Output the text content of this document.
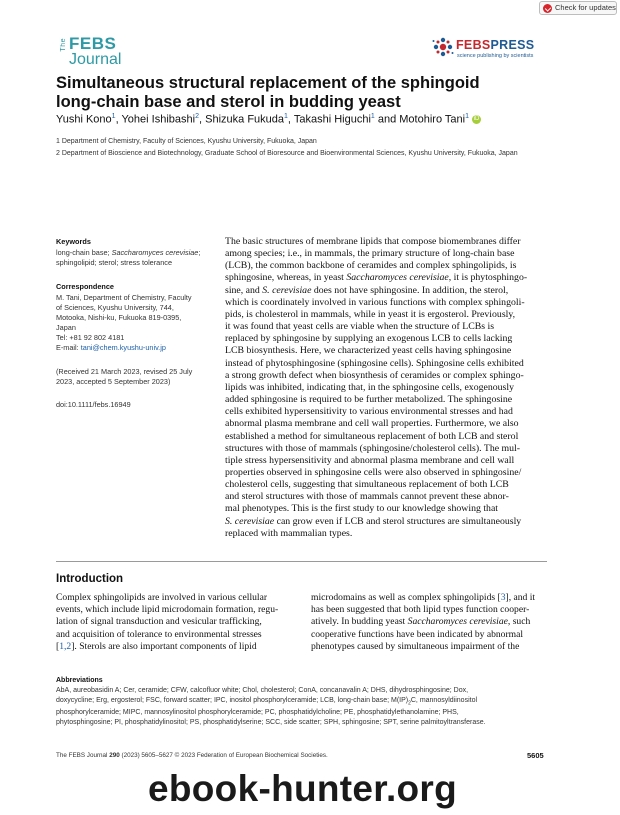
Check for updates
The FEBS
Journal
FEBSPRESS
science publishing by scientists
Simultaneous structural replacement of the sphingoid
long-chain base and sterol in budding yeast
Yushi Kono$^1$, Yohei Ishibashi$^2$, Shizuka Fukuda$^1$, Takashi Higuchi$^1$ and Motohiro Tani$^1$ iD
1 Department of Chemistry, Faculty of Sciences, Kyushu University, Fukuoka, Japan
2 Department of Bioscience and Biotechnology, Graduate School of Bioresource and Bioenvironmental Sciences, Kyushu University, Fukuoka, Japan
Keywords
long-chain base; Saccharomyces cerevisiae; sphingolipid; sterol; stress tolerance
Correspondence
M. Tani, Department of Chemistry, Faculty
of Sciences, Kyushu University, 744,
Motooka, Nishi-ku, Fukuoka 819-0395,
Japan
Tel: +81 92 802 4181
E-mail: tani@chem.kyushu-univ.jp
(Received 21 March 2023, revised 25 July
2023, accepted 5 September 2023)
doi:10.1111/febs.16949
The basic structures of membrane lipids that compose biomembranes differ
among species; i.e., in mammals, the primary structure of long-chain base
(LCB), the common backbone of ceramides and complex sphingolipids, is
sphingosine, whereas, in yeast Saccharomyces cerevisiae, it is phytosphingo-
sine, and S. cerevisiae does not have sphingosine. In addition, the sterol,
which is coordinately involved in various functions with complex sphingoli-
pids, is cholesterol in mammals, while in yeast it is ergosterol. Previously,
it was found that yeast cells are viable when the structure of LCBs is
replaced by sphingosine by supplying an exogenous LCB to cells lacking
LCB biosynthesis. Here, we characterized yeast cells having sphingosine
instead of phytosphingosine (sphingosine cells). Sphingosine cells exhibited
a strong growth defect when biosynthesis of ceramides or complex sphingo-
lipids was inhibited, indicating that, in the sphingosine cells, exogenously
added sphingosine is required to be further metabolized. The sphingosine
cells exhibited hypersensitivity to various environmental stresses and had
abnormal plasma membrane and cell wall properties. Furthermore, we also
established a method for simultaneous replacement of both LCB and sterol
structures with those of mammals (sphingosine/cholesterol cells). The mul-
tiple stress hypersensitivity and abnormal plasma membrane and cell wall
properties observed in sphingosine cells were also observed in sphingosine/
cholesterol cells, suggesting that simultaneous replacement of both LCB
and sterol structures with those of mammals cannot prevent these abnor-
mal phenotypes. This is the first study to our knowledge showing that
S. cerevisiae can grow even if LCB and sterol structures are simultaneously
replaced with mammalian types.
Introduction
Complex sphingolipids are involved in various cellular
events, which include lipid microdomain formation, regu-
lation of signal transduction and vesicular trafficking,
and acquisition of tolerance to environmental stresses
[1,2]. Sterols are also important components of lipid
microdomains as well as complex sphingolipids [3], and it
has been suggested that both lipid types function cooper-
atively. In budding yeast Saccharomyces cerevisiae, such
cooperative functions have been indicated by abnormal
phenotypes caused by simultaneous impairment of the
Abbreviations
AbA, aureobasidin A; Cer, ceramide; CFW, calcofluor white; Chol, cholesterol; ConA, concanavalin A; DHS, dihydrosphingosine; Dox,
doxycycline; Erg, ergosterol; FSC, forward scatter; IPC, inositol phosphorylceramide; LCB, long-chain base; $M(IP)_2C$, mannosyldiinositol
phosphorylceramide; MIPC, mannosylinositol phosphorylceramide; PC, phosphatidylcholine; PE, phosphatidylethanolamine; PHS,
phytosphingosine; PI, phosphatidylinositol; PS, phosphatidylserine; SCC, side scatter; SPH, sphingosine; SPT, serine palmitoyltransferase.
The FEBS Journal 290 (2023) 5605–5627 © 2023 Federation of European Biochemical Societies.	5605
ebook-hunter.org
